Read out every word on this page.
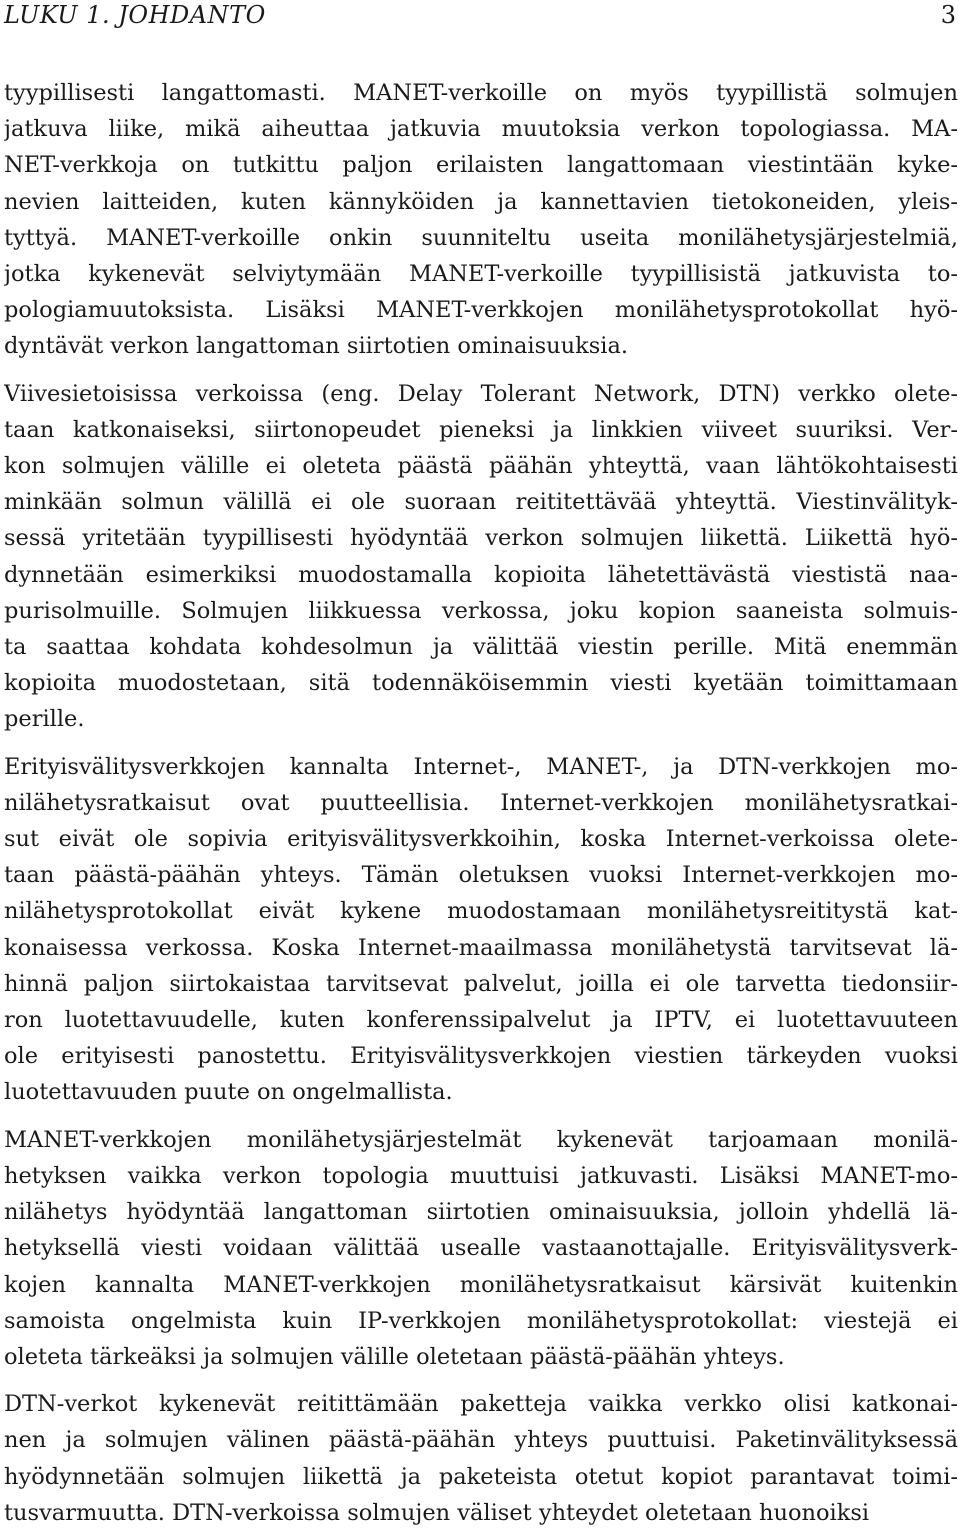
LUKU 1. JOHDANTO	3
tyypillisesti langattomasti. MANET-verkoille on myös tyypillistä solmujen
jatkuva liike, mikä aiheuttaa jatkuvia muutoksia verkon topologiassa. MA-
NET-verkkoja on tutkittu paljon erilaisten langattomaan viestintään kyke-
nevien laitteiden, kuten kännyköiden ja kannettavien tietokoneiden, yleis-
tyttyä. MANET-verkoille onkin suunniteltu useita monilähetysjärjestelmiä,
jotka kykenevät selviytymään MANET-verkoille tyypillisistä jatkuvista to-
pologiamuutoksista. Lisäksi MANET-verkkojen monilähetysprotokollat hyö-
dyntävät verkon langattoman siirtotien ominaisuuksia.
Viivesietoisissa verkoissa (eng. Delay Tolerant Network, DTN) verkko olete-
taan katkonaiseksi, siirtonopeudet pieneksi ja linkkien viiveet suuriksi. Ver-
kon solmujen välille ei oleteta päästä päähän yhteyttä, vaan lähtökohtaisesti
minkään solmun välillä ei ole suoraan reititettävää yhteyttä. Viestinvälityk-
sessä yritetään tyypillisesti hyödyntää verkon solmujen liikettä. Liikettä hyö-
dynnetään esimerkiksi muodostamalla kopioita lähetettävästä viestistä naa-
purisolmuille. Solmujen liikkuessa verkossa, joku kopion saaneista solmuis-
ta saattaa kohdata kohdesolmun ja välittää viestin perille. Mitä enemmän
kopioita muodostetaan, sitä todennäköisemmin viesti kyetään toimittamaan
perille.
Erityisvälitysverkkojen kannalta Internet-, MANET-, ja DTN-verkkojen mo-
nilähetysratkaisut ovat puutteellisia. Internet-verkkojen monilähetysratkai-
sut eivät ole sopivia erityisvälitysverkkoihin, koska Internet-verkoissa olete-
taan päästä-päähän yhteys. Tämän oletuksen vuoksi Internet-verkkojen mo-
nilähetysprotokollat eivät kykene muodostamaan monilähetysreititystä kat-
konaisessa verkossa. Koska Internet-maailmassa monilähetystä tarvitsevat lä-
hinnä paljon siirtokaistaa tarvitsevat palvelut, joilla ei ole tarvetta tiedonsiir-
ron luotettavuudelle, kuten konferenssipalvelut ja IPTV, ei luotettavuuteen
ole erityisesti panostettu. Erityisvälitysverkkojen viestien tärkeyden vuoksi
luotettavuuden puute on ongelmallista.
MANET-verkkojen monilähetysjärjestelmät kykenevät tarjoamaan monilä-
hetyksen vaikka verkon topologia muuttuisi jatkuvasti. Lisäksi MANET-mo-
nilähetys hyödyntää langattoman siirtotien ominaisuuksia, jolloin yhdellä lä-
hetyksellä viesti voidaan välittää usealle vastaanottajalle. Erityisvälitysverk-
kojen kannalta MANET-verkkojen monilähetysratkaisut kärsivät kuitenkin
samoista ongelmista kuin IP-verkkojen monilähetysprotokollat: viestejä ei
oleteta tärkeäksi ja solmujen välille oletetaan päästä-päähän yhteys.
DTN-verkot kykenevät reitittämään paketteja vaikka verkko olisi katkonai-
nen ja solmujen välinen päästä-päähän yhteys puuttuisi. Paketinvälityksessä
hyödynnetään solmujen liikettä ja paketeista otetut kopiot parantavat toimi-
tusvarmuutta. DTN-verkoissa solmujen väliset yhteydet oletetaan huonoiksi
